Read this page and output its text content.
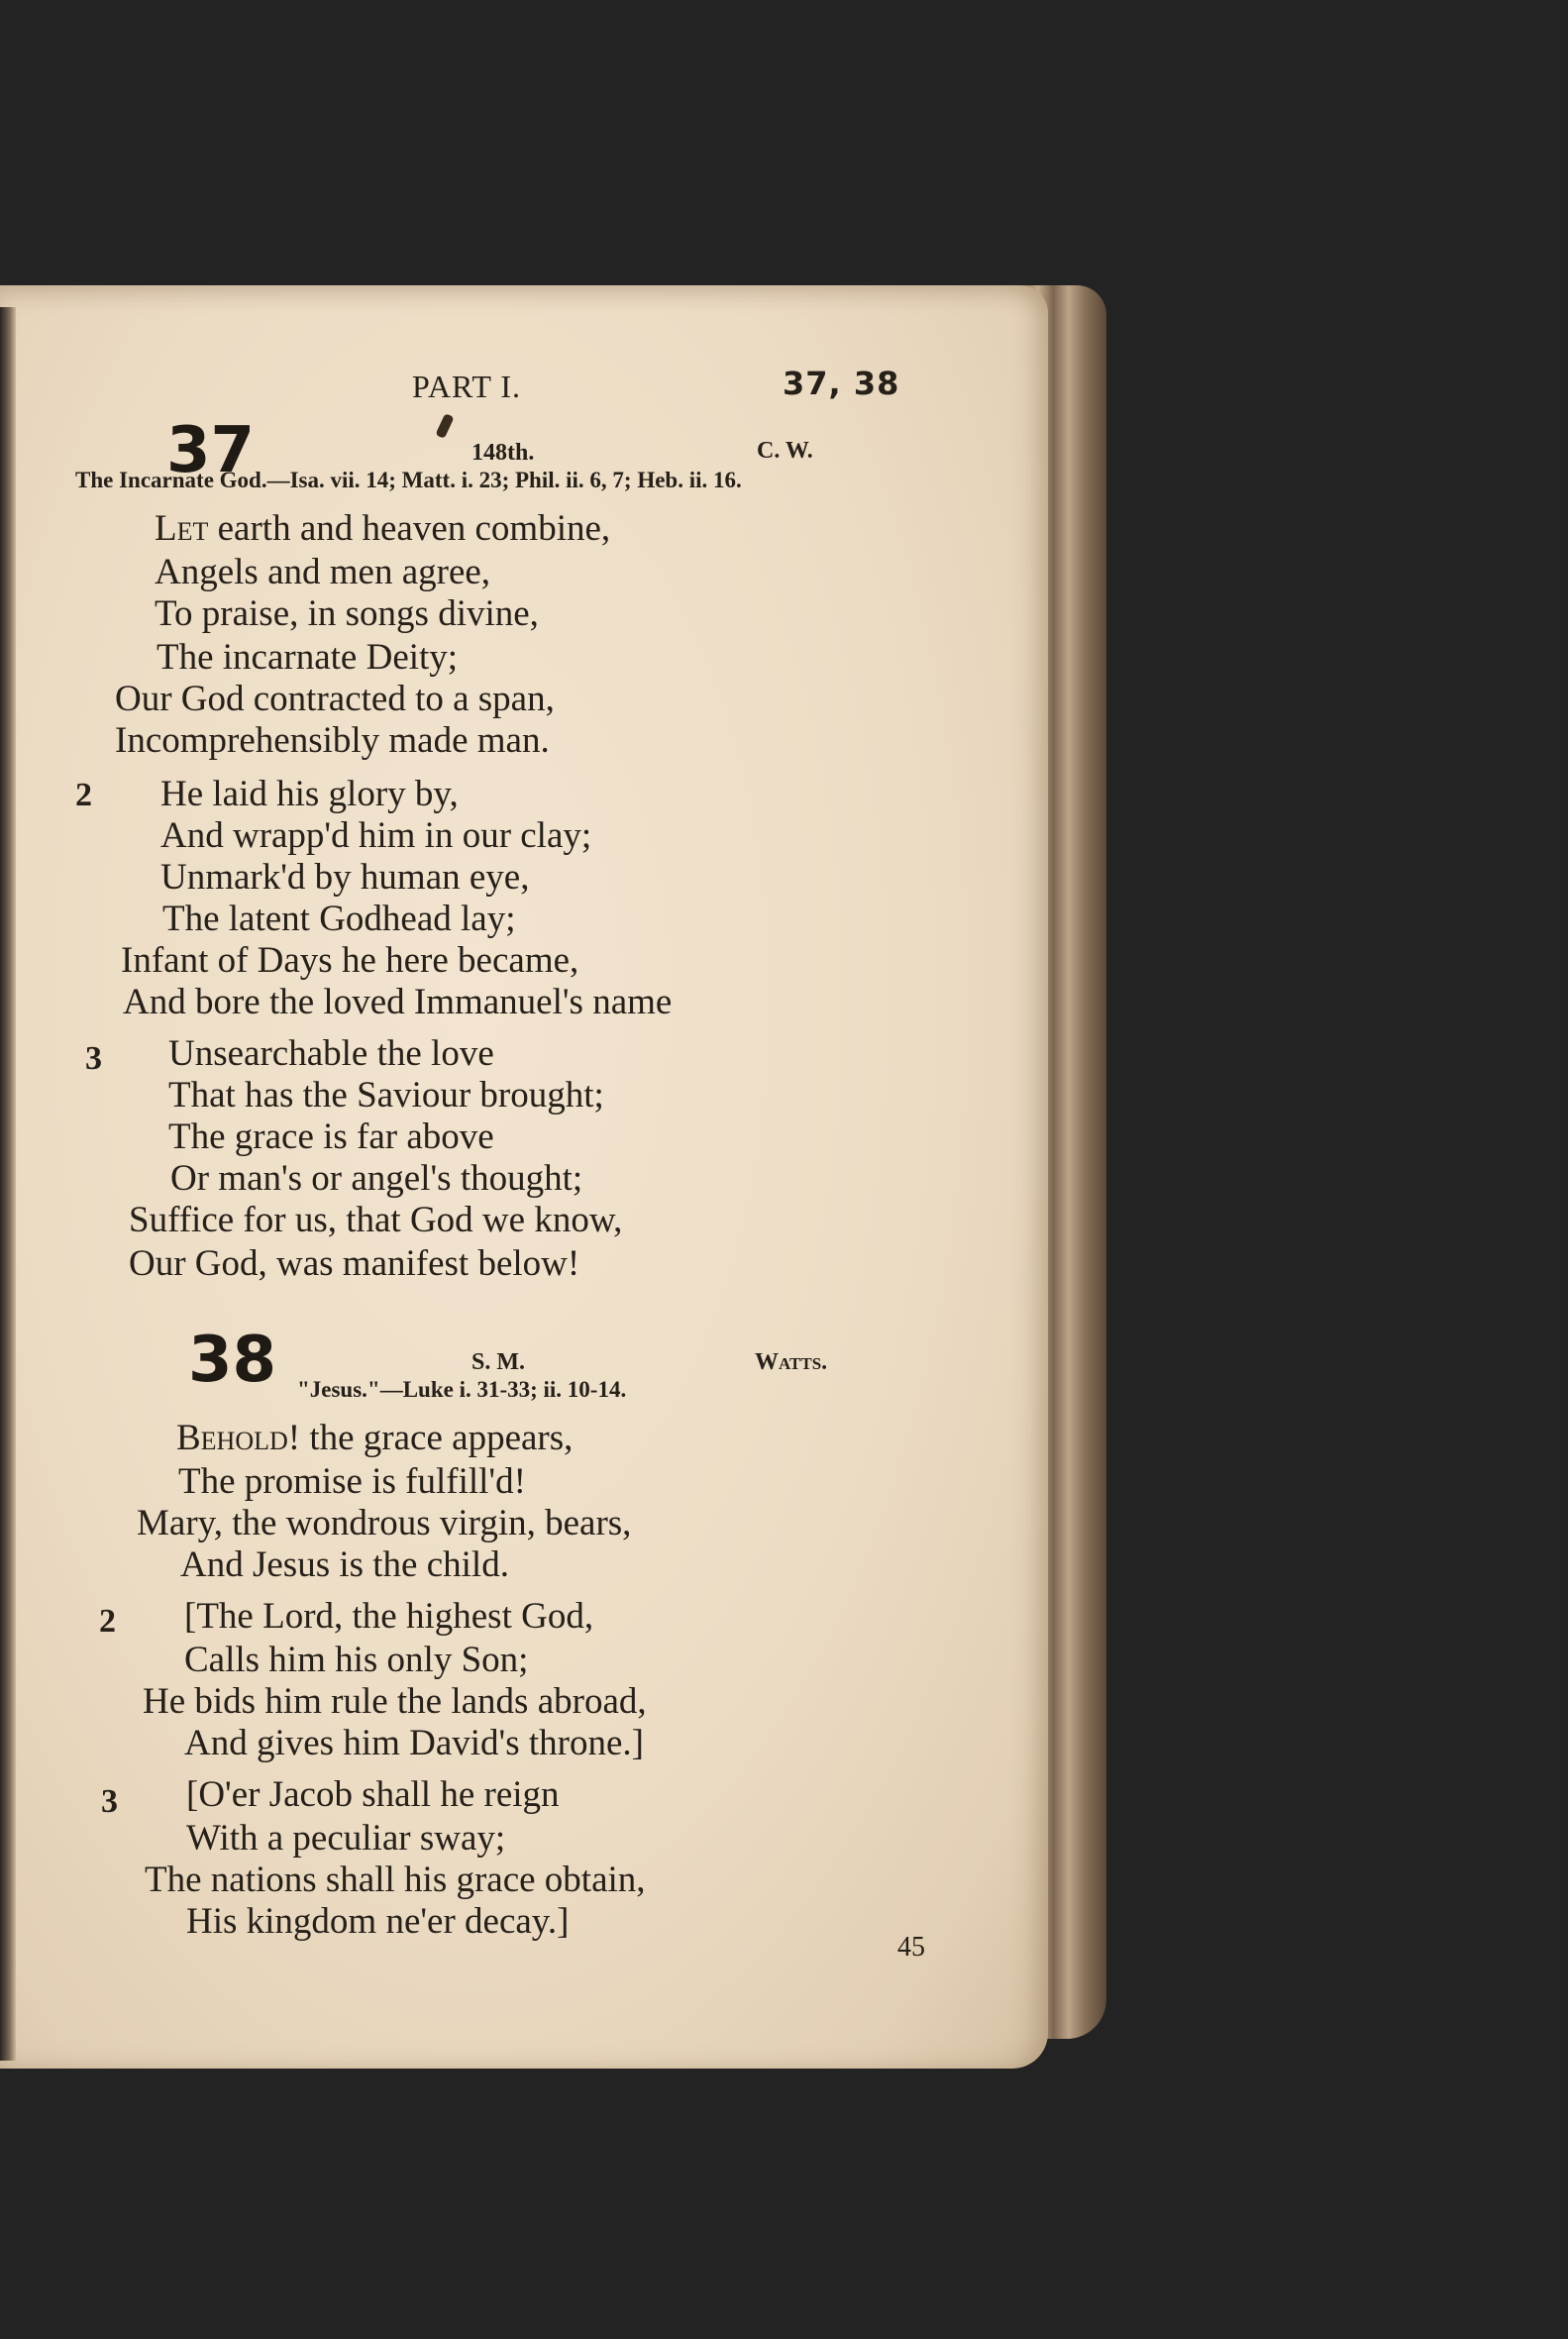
PART I.	37, 38
37	148th.	C. W.
The Incarnate God.—Isa. vii. 14; Matt. i. 23; Phil. ii. 6, 7; Heb. ii. 16.
Let earth and heaven combine,
Angels and men agree,
To praise, in songs divine,
The incarnate Deity;
Our God contracted to a span,
Incomprehensibly made man.
2 He laid his glory by,
And wrapp'd him in our clay;
Unmark'd by human eye,
The latent Godhead lay;
Infant of Days he here became,
And bore the loved Immanuel's name
3 Unsearchable the love
That has the Saviour brought;
The grace is far above
Or man's or angel's thought;
Suffice for us, that God we know,
Our God, was manifest below!
38	S. M.	Watts.
"Jesus."—Luke i. 31-33; ii. 10-14.
Behold! the grace appears,
The promise is fulfill'd!
Mary, the wondrous virgin, bears,
And Jesus is the child.
2 [The Lord, the highest God,
Calls him his only Son;
He bids him rule the lands abroad,
And gives him David's throne.]
3 [O'er Jacob shall he reign
With a peculiar sway;
The nations shall his grace obtain,
His kingdom ne'er decay.]
45
